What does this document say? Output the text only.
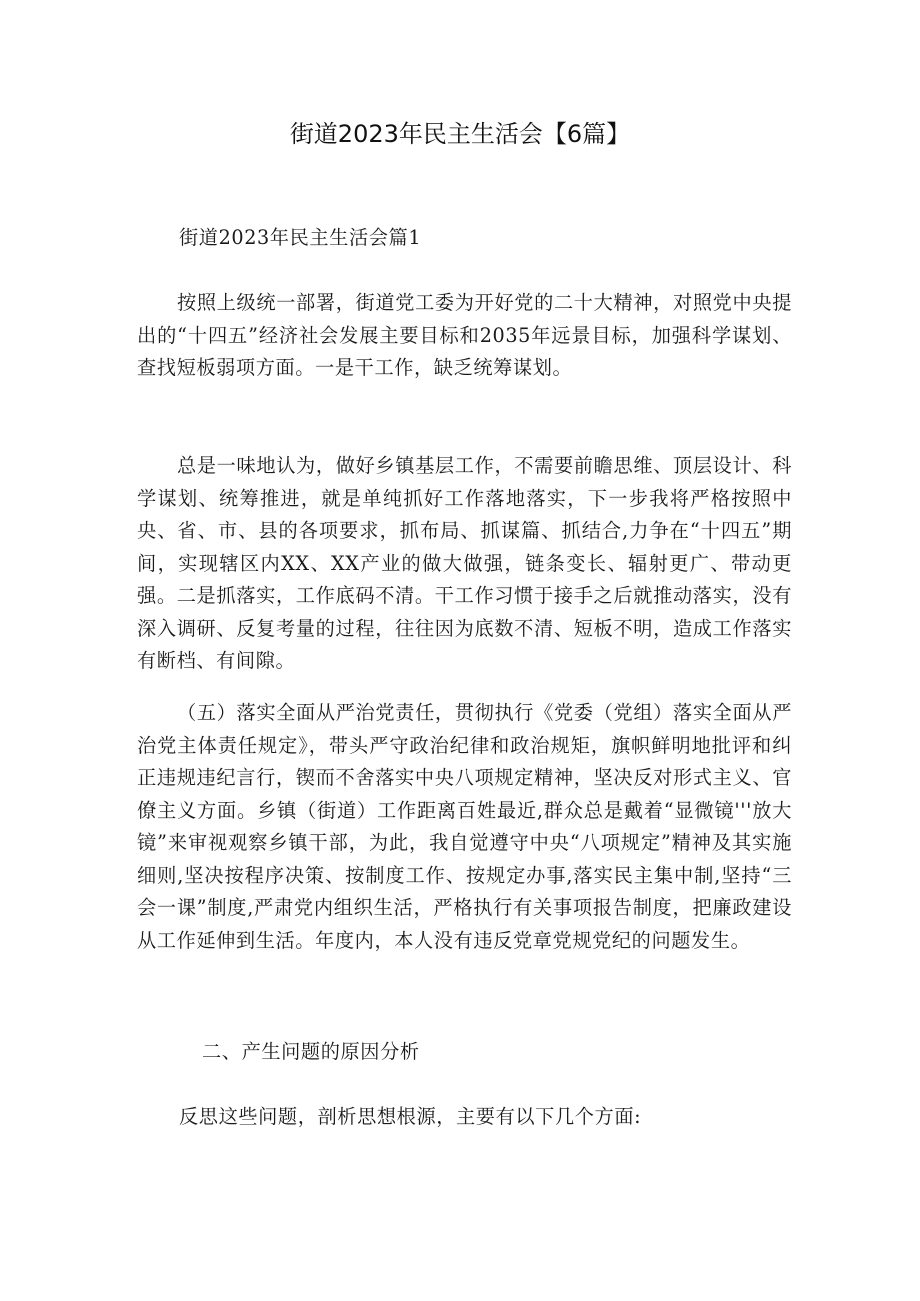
街道2023年民主生活会【6篇】

街道2023年民主生活会篇1

按照上级统一部署，街道党工委为开好党的二十大精神，对照党中央提出的“十四五”经济社会发展主要目标和2035年远景目标，加强科学谋划、查找短板弱项方面。一是干工作，缺乏统筹谋划。

总是一味地认为，做好乡镇基层工作，不需要前瞻思维、顶层设计、科学谋划、统筹推进，就是单纯抓好工作落地落实，下一步我将严格按照中央、省、市、县的各项要求，抓布局、抓谋篇、抓结合,力争在“十四五”期间，实现辖区内XX、XX产业的做大做强，链条变长、辐射更广、带动更强。二是抓落实，工作底码不清。干工作习惯于接手之后就推动落实，没有深入调研、反复考量的过程，往往因为底数不清、短板不明，造成工作落实有断档、有间隙。

（五）落实全面从严治党责任，贯彻执行《党委（党组）落实全面从严治党主体责任规定》，带头严守政治纪律和政治规矩，旗帜鲜明地批评和纠正违规违纪言行，锲而不舍落实中央八项规定精神，坚决反对形式主义、官僚主义方面。乡镇（街道）工作距离百姓最近,群众总是戴着“显微镜'''放大镜”来审视观察乡镇干部，为此，我自觉遵守中央“八项规定”精神及其实施细则,坚决按程序决策、按制度工作、按规定办事,落实民主集中制,坚持“三会一课”制度,严肃党内组织生活，严格执行有关事项报告制度，把廉政建设从工作延伸到生活。年度内，本人没有违反党章党规党纪的问题发生。

二、产生问题的原因分析

反思这些问题，剖析思想根源，主要有以下几个方面:
